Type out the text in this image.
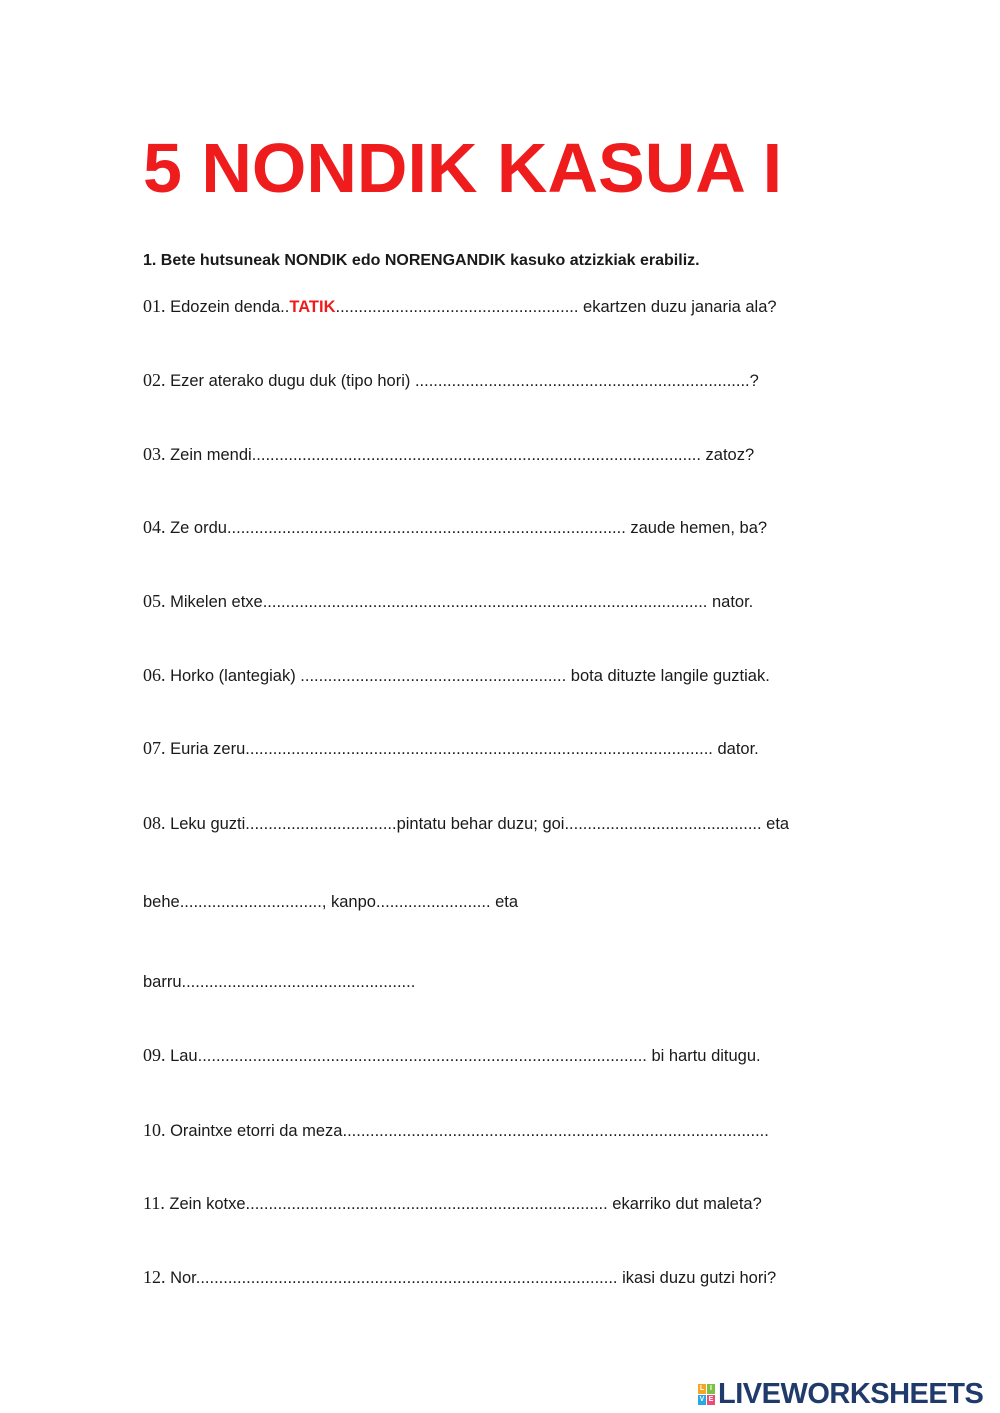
5 NONDIK KASUA I
1. Bete hutsuneak NONDIK edo NORENGANDIK kasuko atzizkiak erabiliz.
01. Edozein denda..TATIK..................................................... ekartzen duzu janaria ala?
02. Ezer aterako dugu duk (tipo hori) .........................................................................?
03. Zein mendi.................................................................................................. zatoz?
04. Ze ordu....................................................................................... zaude hemen, ba?
05. Mikelen etxe................................................................................................. nator.
06. Horko (lantegiak) .......................................................... bota dituzte langile guztiak.
07. Euria zeru...................................................................................................... dator.
08. Leku guzti.................................pintatu behar duzu; goi........................................... eta
behe..............................., kanpo......................... eta
barru...................................................
09. Lau.................................................................................................. bi hartu ditugu.
10. Oraintxe etorri da meza.............................................................................................
11. Zein kotxe............................................................................... ekarriko dut maleta?
12. Nor............................................................................................ ikasi duzu gutzi hori?
L I
V E LIVEWORKSHEETS
